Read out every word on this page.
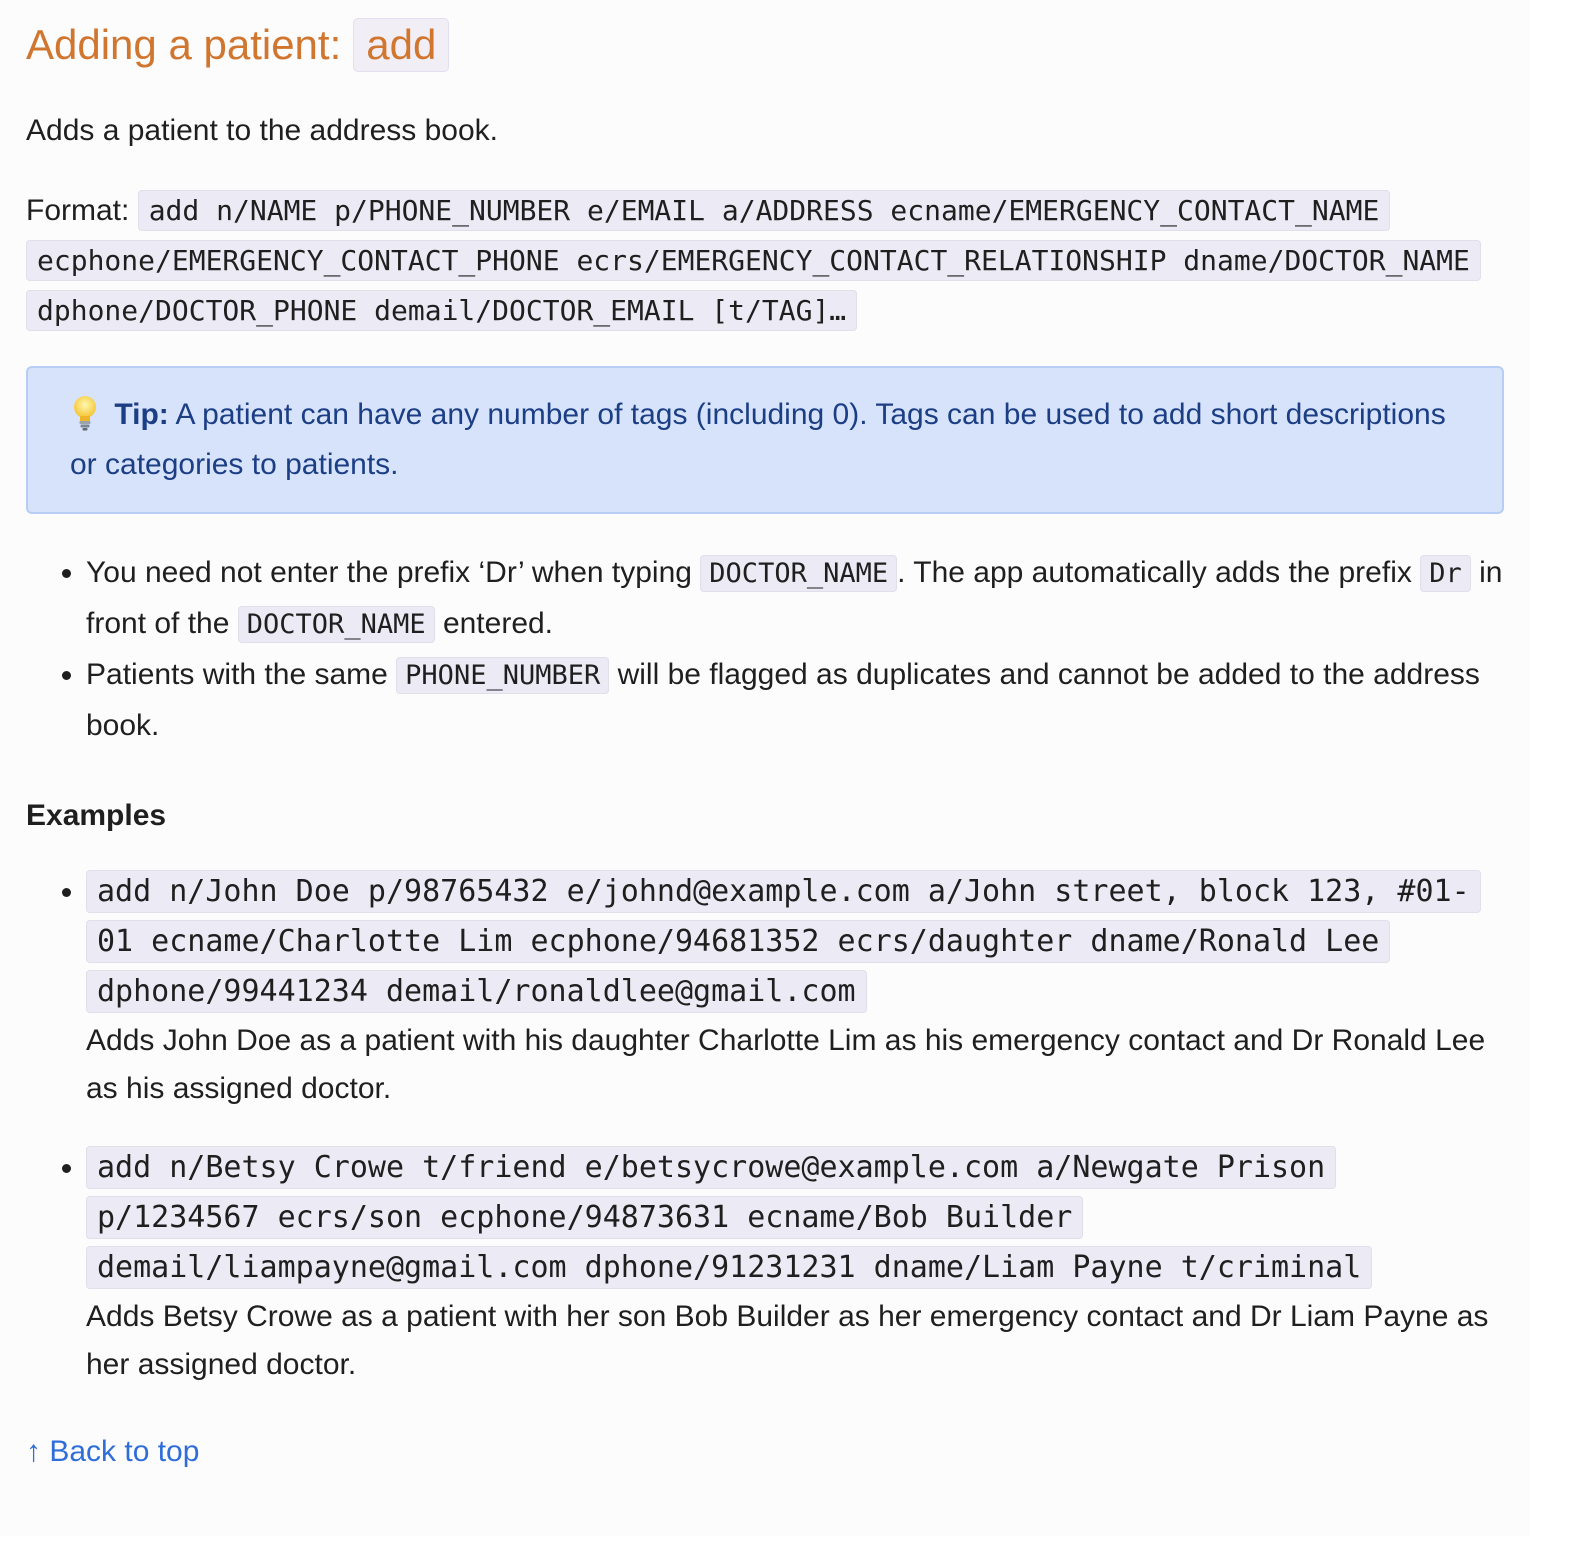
Adding a patient: add

Adds a patient to the address book.

Format: add n/NAME p/PHONE_NUMBER e/EMAIL a/ADDRESS ecname/EMERGENCY_CONTACT_NAME ecphone/EMERGENCY_CONTACT_PHONE ecrs/EMERGENCY_CONTACT_RELATIONSHIP dname/DOCTOR_NAME dphone/DOCTOR_PHONE demail/DOCTOR_EMAIL [t/TAG]…

Tip: A patient can have any number of tags (including 0). Tags can be used to add short descriptions or categories to patients.
• You need not enter the prefix ‘Dr’ when typing DOCTOR_NAME . The app automatically adds the prefix Dr in front of the DOCTOR_NAME entered.
• Patients with the same PHONE_NUMBER will be flagged as duplicates and cannot be added to the address book.
Examples
• add n/John Doe p/98765432 e/johnd@example.com a/John street, block 123, #01-01 ecname/Charlotte Lim ecphone/94681352 ecrs/daughter dname/Ronald Lee dphone/99441234 demail/ronaldlee@gmail.com
Adds John Doe as a patient with his daughter Charlotte Lim as his emergency contact and Dr Ronald Lee as his assigned doctor.
• add n/Betsy Crowe t/friend e/betsycrowe@example.com a/Newgate Prison p/1234567 ecrs/son ecphone/94873631 ecname/Bob Builder demail/liampayne@gmail.com dphone/91231231 dname/Liam Payne t/criminal
Adds Betsy Crowe as a patient with her son Bob Builder as her emergency contact and Dr Liam Payne as her assigned doctor.
↑ Back to top
